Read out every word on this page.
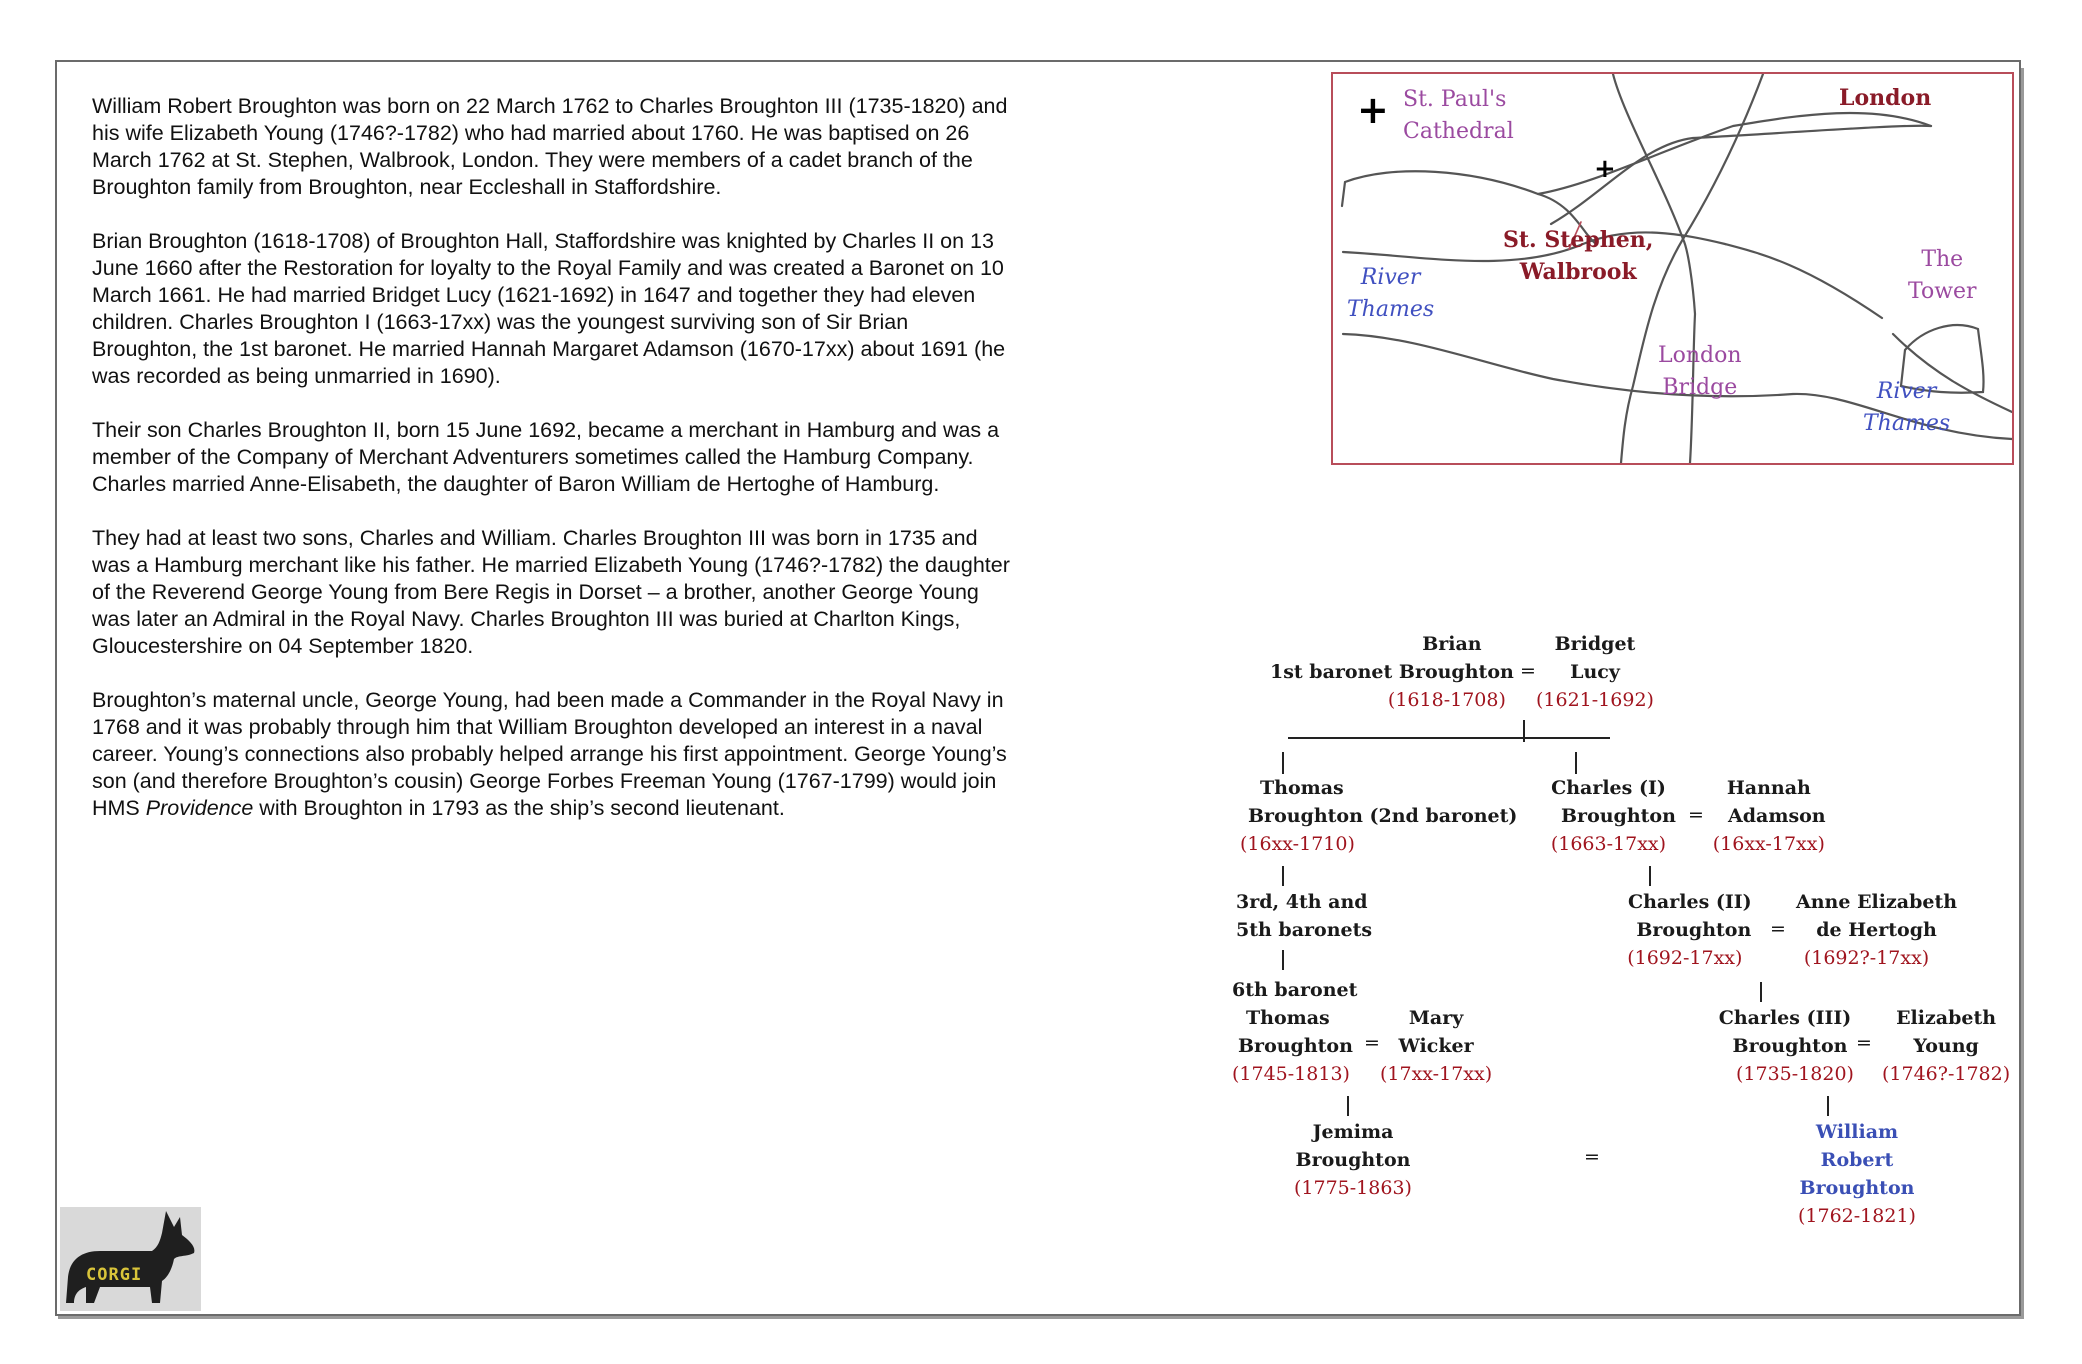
William Robert Broughton was born on 22 March 1762 to Charles Broughton III (1735-1820) and his wife Elizabeth Young (1746?-1782) who had married about 1760. He was baptised on 26 March 1762 at St. Stephen, Walbrook, London. They were members of a cadet branch of the Broughton family from Broughton, near Eccleshall in Staffordshire.

Brian Broughton (1618-1708) of Broughton Hall, Staffordshire was knighted by Charles II on 13 June 1660 after the Restoration for loyalty to the Royal Family and was created a Baronet on 10 March 1661. He had married Bridget Lucy (1621-1692) in 1647 and together they had eleven children. Charles Broughton I (1663-17xx) was the youngest surviving son of Sir Brian Broughton, the 1st baronet. He married Hannah Margaret Adamson (1670-17xx) about 1691 (he was recorded as being unmarried in 1690).

Their son Charles Broughton II, born 15 June 1692, became a merchant in Hamburg and was a member of the Company of Merchant Adventurers sometimes called the Hamburg Company. Charles married Anne-Elisabeth, the daughter of Baron William de Hertoghe of Hamburg.

They had at least two sons, Charles and William. Charles Broughton III was born in 1735 and was a Hamburg merchant like his father. He married Elizabeth Young (1746?-1782) the daughter of the Reverend George Young from Bere Regis in Dorset – a brother, another George Young was later an Admiral in the Royal Navy. Charles Broughton III was buried at Charlton Kings, Gloucestershire on 04 September 1820.

Broughton’s maternal uncle, George Young, had been made a Commander in the Royal Navy in 1768 and it was probably through him that William Broughton developed an interest in a naval career. Young’s connections also probably helped arrange his first appointment. George Young’s son (and therefore Broughton’s cousin) George Forbes Freeman Young (1767-1799) would join HMS Providence with Broughton in 1793 as the ship’s second lieutenant.

+
+
St. Paul's
Cathedral
London
St. Stephen,
Walbrook	The
Tower
River
Thames
London
Bridge	River
Thames
Brian
1st baronet Broughton
(1618-1708)
=
Bridget
Lucy
(1621-1692)
Thomas
Broughton (2nd baronet)
(16xx-1710)
Charles (I)
Broughton
(1663-17xx)
=
Hannah
Adamson
(16xx-17xx)
3rd, 4th and
5th baronets
Charles (II)
Broughton
(1692-17xx)
=
Anne Elizabeth
de Hertogh
(1692?-17xx)
6th baronet
Thomas
Broughton
(1745-1813)
=
Mary
Wicker
(17xx-17xx)
Charles (III)
Broughton
(1735-1820)
=
Elizabeth
Young
(1746?-1782)
Jemima
Broughton
(1775-1863)
=
William
Robert
Broughton
(1762-1821)
CORGI
